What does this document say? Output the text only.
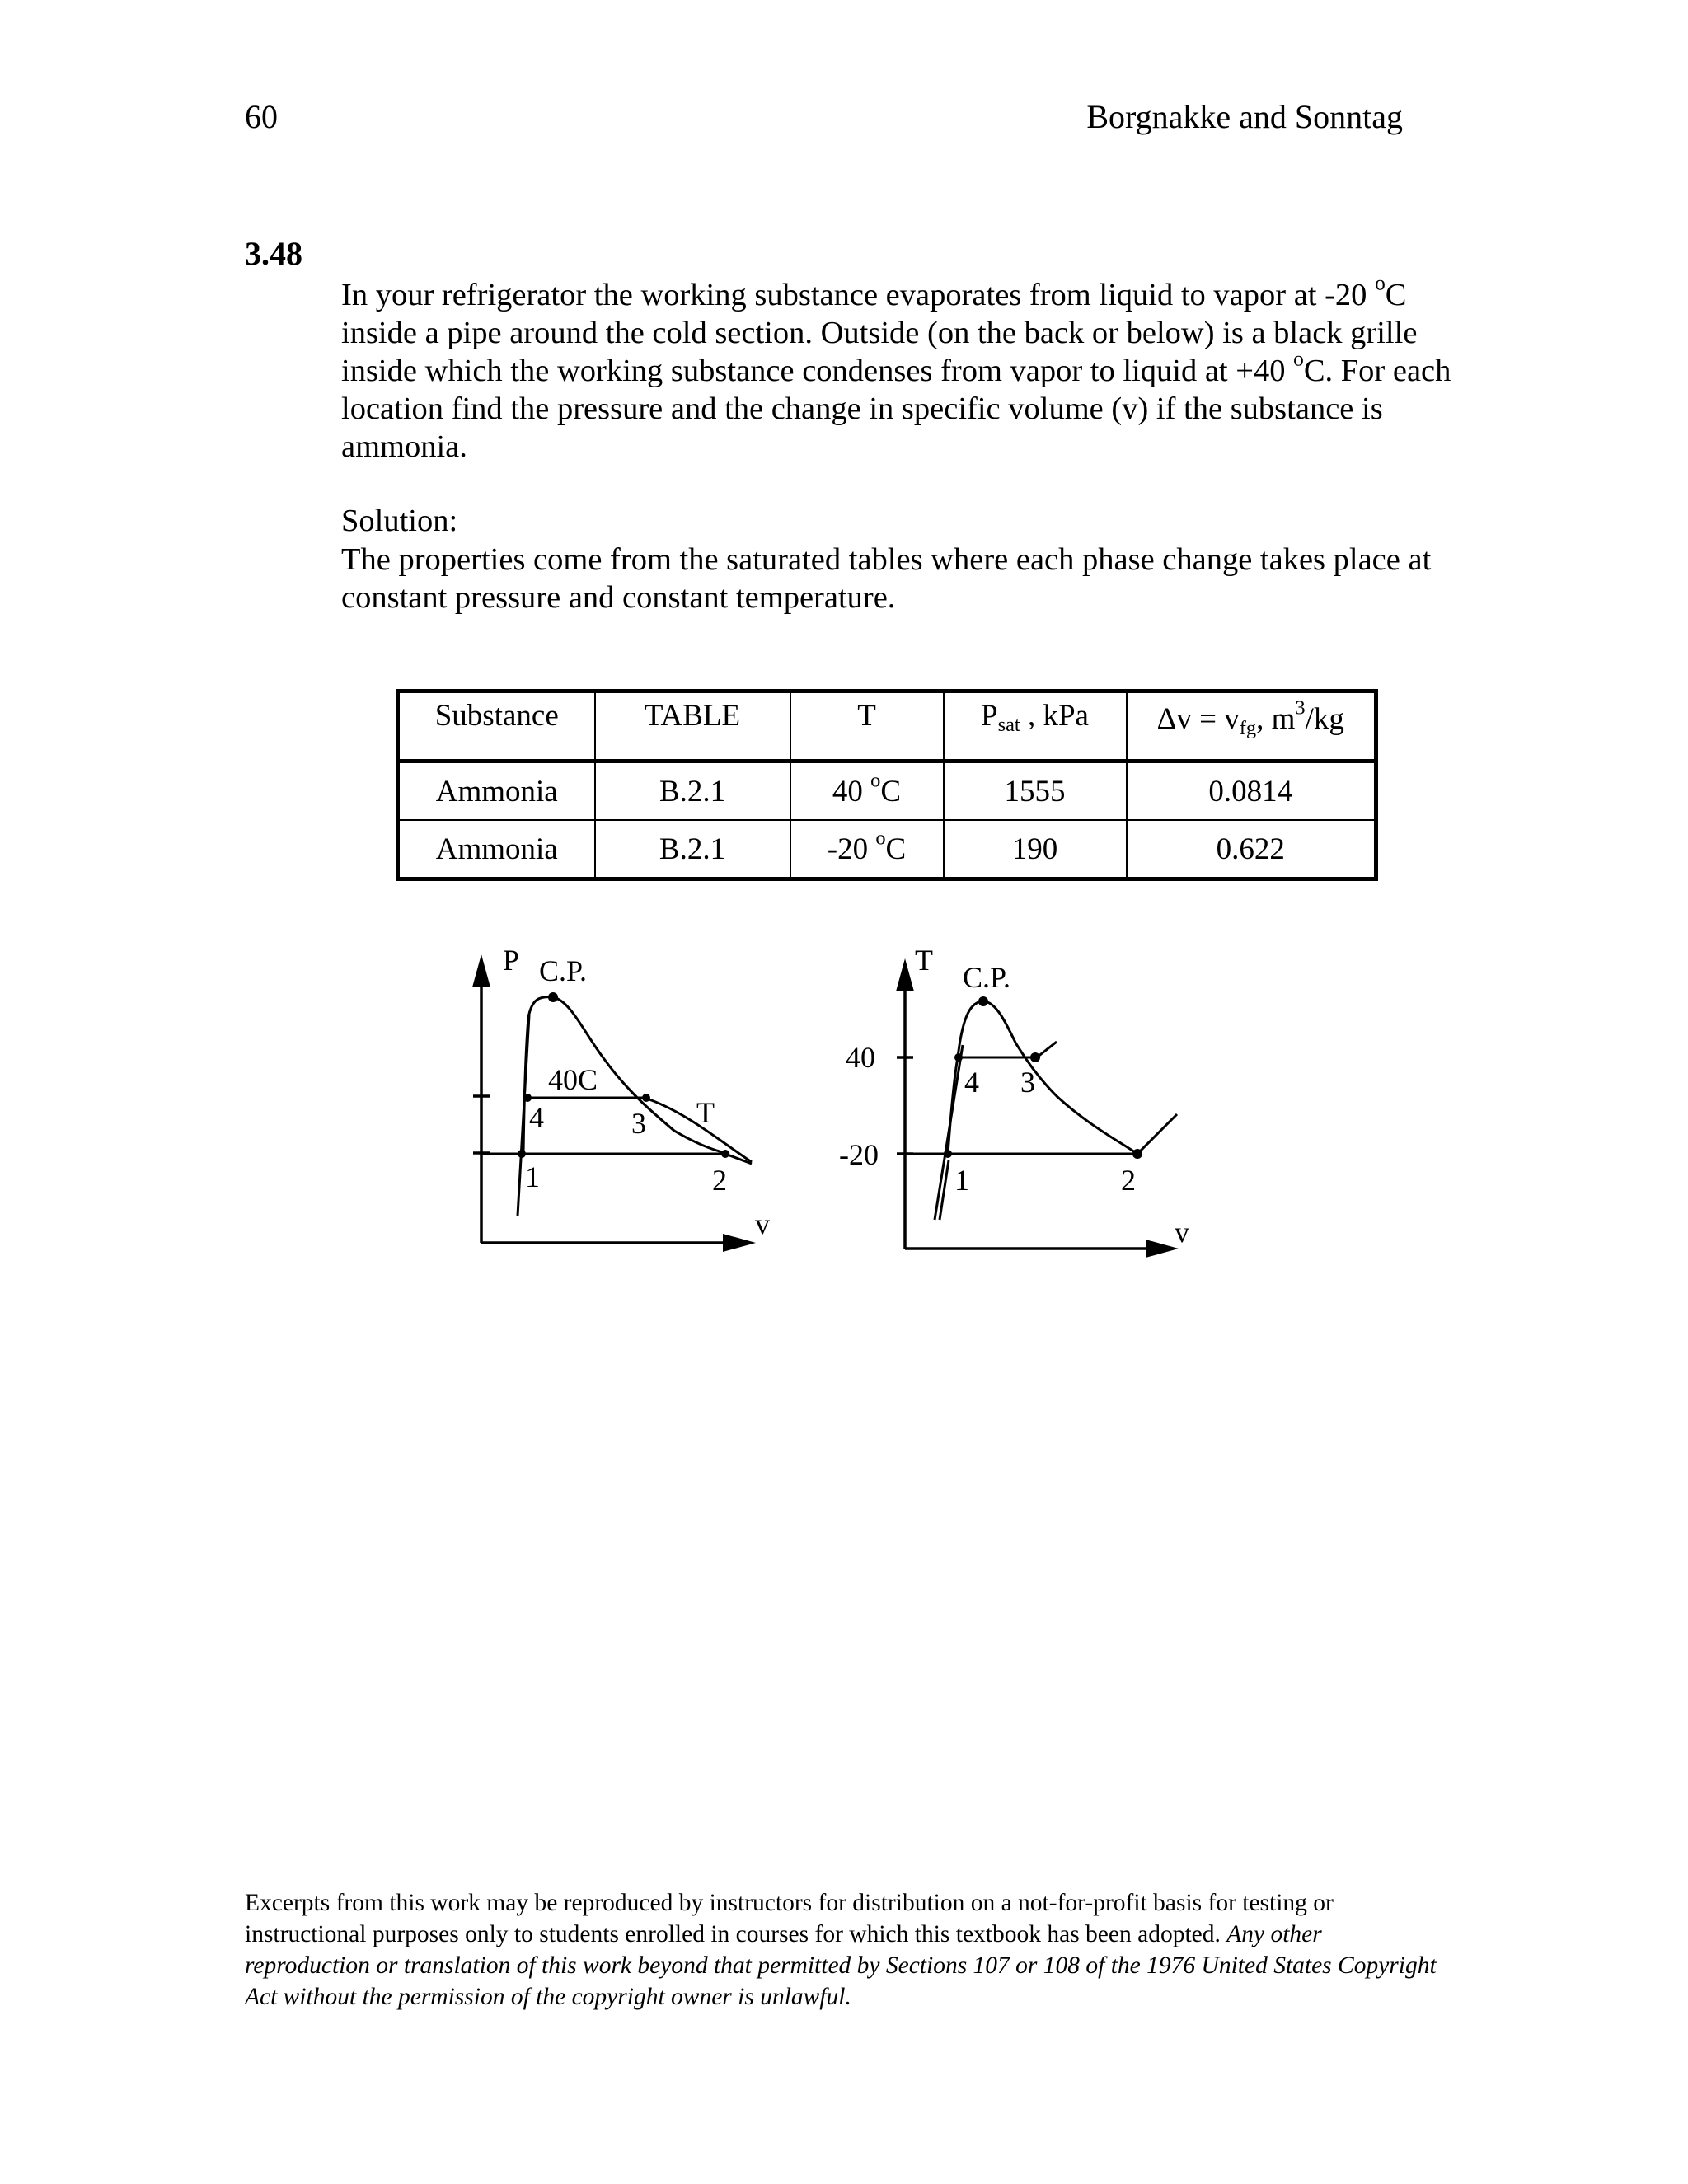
60	Borgnakke and Sonntag
3.48

In your refrigerator the working substance evaporates from liquid to vapor at -20 $^o$C inside a pipe around the cold section. Outside (on the back or below) is a black grille inside which the working substance condenses from vapor to liquid at +40 $^o$C. For each location find the pressure and the change in specific volume (v) if the substance is ammonia.

Solution:

The properties come from the saturated tables where each phase change takes place at constant pressure and constant temperature.

Substance	TABLE	T	$P_{sat}$ , kPa	$\Delta v = v_{fg}$, $m^3/kg$
Ammonia	B.2.1	40 $^o$C	1555	0.0814
Ammonia	B.2.1	-20 $^o$C	190	0.622
P C.P.
40C
T
4	3
1	2
v
T
C.P.
40
-20
4 3
1	2
v

Excerpts from this work may be reproduced by instructors for distribution on a not-for-profit basis for testing or instructional purposes only to students enrolled in courses for which this textbook has been adopted. Any other reproduction or translation of this work beyond that permitted by Sections 107 or 108 of the 1976 United States Copyright Act without the permission of the copyright owner is unlawful.
